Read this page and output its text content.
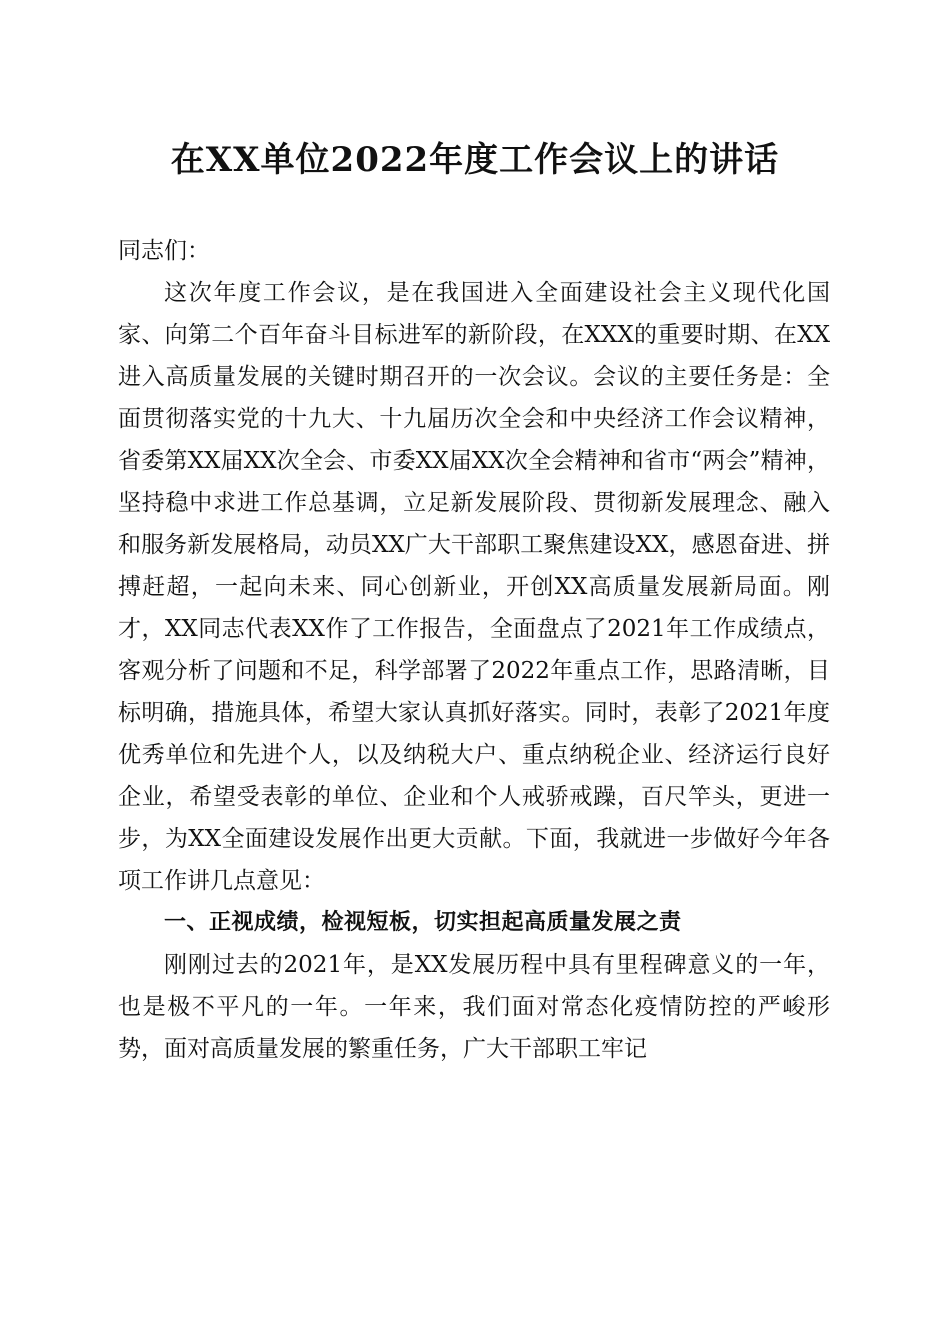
在XX单位2022年度工作会议上的讲话

同志们：

这次年度工作会议，是在我国进入全面建设社会主义现代化国家、向第二个百年奋斗目标进军的新阶段，在XXX的重要时期、在XX进入高质量发展的关键时期召开的一次会议。会议的主要任务是：全面贯彻落实党的十九大、十九届历次全会和中央经济工作会议精神，省委第XX届XX次全会、市委XX届XX次全会精神和省市“两会”精神，坚持稳中求进工作总基调，立足新发展阶段、贯彻新发展理念、融入和服务新发展格局，动员XX广大干部职工聚焦建设XX，感恩奋进、拼搏赶超，一起向未来、同心创新业，开创XX高质量发展新局面。刚才，XX同志代表XX作了工作报告，全面盘点了2021年工作成绩点，客观分析了问题和不足，科学部署了2022年重点工作，思路清晰，目标明确，措施具体，希望大家认真抓好落实。同时，表彰了2021年度优秀单位和先进个人，以及纳税大户、重点纳税企业、经济运行良好企业，希望受表彰的单位、企业和个人戒骄戒躁，百尺竿头，更进一步，为XX全面建设发展作出更大贡献。下面，我就进一步做好今年各项工作讲几点意见：

一、正视成绩，检视短板，切实担起高质量发展之责

刚刚过去的2021年，是XX发展历程中具有里程碑意义的一年，也是极不平凡的一年。一年来，我们面对常态化疫情防控的严峻形势，面对高质量发展的繁重任务，广大干部职工牢记
